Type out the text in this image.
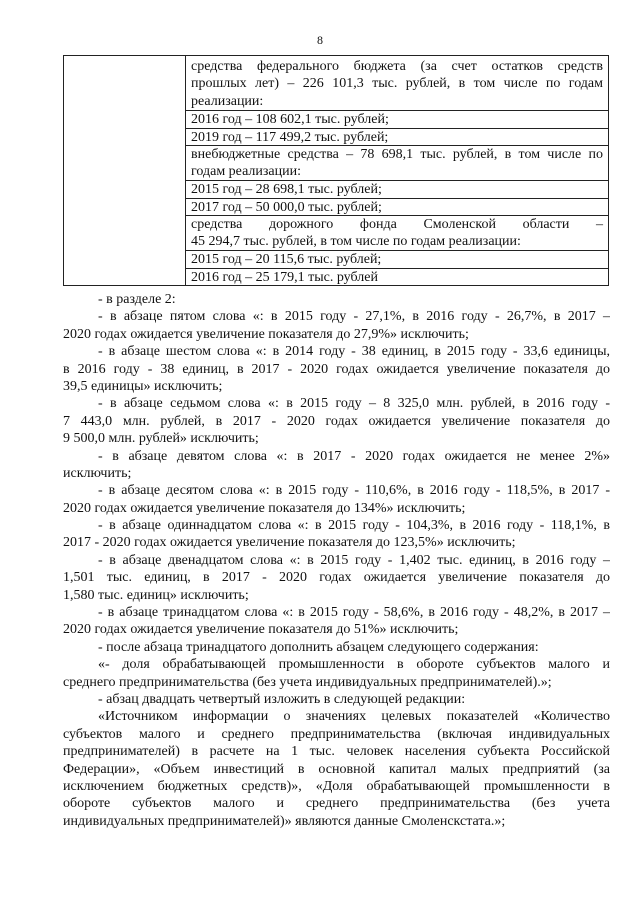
8
средства федерального бюджета (за счет остатков средств
прошлых лет) – 226 101,3 тыс. рублей, в том числе по годам
реализации:
2016 год – 108 602,1 тыс. рублей;
2019 год – 117 499,2 тыс. рублей;
внебюджетные средства – 78 698,1 тыс. рублей, в том числе по
годам реализации:
2015 год – 28 698,1 тыс. рублей;
2017 год – 50 000,0 тыс. рублей;
средства дорожного фонда Смоленской области –
45 294,7 тыс. рублей, в том числе по годам реализации:
2015 год – 20 115,6 тыс. рублей;
2016 год – 25 179,1 тыс. рублей
- в разделе 2:
- в абзаце пятом слова «: в 2015 году - 27,1%, в 2016 году - 26,7%, в 2017 –
2020 годах ожидается увеличение показателя до 27,9%» исключить;
- в абзаце шестом слова «: в 2014 году - 38 единиц, в 2015 году - 33,6 единицы,
в 2016 году - 38 единиц, в 2017 - 2020 годах ожидается увеличение показателя до
39,5 единицы» исключить;
- в абзаце седьмом слова «: в 2015 году – 8 325,0 млн. рублей, в 2016 году -
7 443,0 млн. рублей, в 2017 - 2020 годах ожидается увеличение показателя до
9 500,0 млн. рублей» исключить;
- в абзаце девятом слова «: в 2017 - 2020 годах ожидается не менее 2%»
исключить;
- в абзаце десятом слова «: в 2015 году - 110,6%, в 2016 году - 118,5%, в 2017 -
2020 годах ожидается увеличение показателя до 134%» исключить;
- в абзаце одиннадцатом слова «: в 2015 году - 104,3%, в 2016 году - 118,1%, в
2017 - 2020 годах ожидается увеличение показателя до 123,5%» исключить;
- в абзаце двенадцатом слова «: в 2015 году - 1,402 тыс. единиц, в 2016 году –
1,501 тыс. единиц, в 2017 - 2020 годах ожидается увеличение показателя до
1,580 тыс. единиц» исключить;
- в абзаце тринадцатом слова «: в 2015 году - 58,6%, в 2016 году - 48,2%, в 2017 –
2020 годах ожидается увеличение показателя до 51%» исключить;
- после абзаца тринадцатого дополнить абзацем следующего содержания:
«- доля обрабатывающей промышленности в обороте субъектов малого и
среднего предпринимательства (без учета индивидуальных предпринимателей).»;
- абзац двадцать четвертый изложить в следующей редакции:
«Источником информации о значениях целевых показателей «Количество
субъектов малого и среднего предпринимательства (включая индивидуальных
предпринимателей) в расчете на 1 тыс. человек населения субъекта Российской
Федерации», «Объем инвестиций в основной капитал малых предприятий (за
исключением бюджетных средств)», «Доля обрабатывающей промышленности в
обороте субъектов малого и среднего предпринимательства (без учета
индивидуальных предпринимателей)» являются данные Смоленскстата.»;
